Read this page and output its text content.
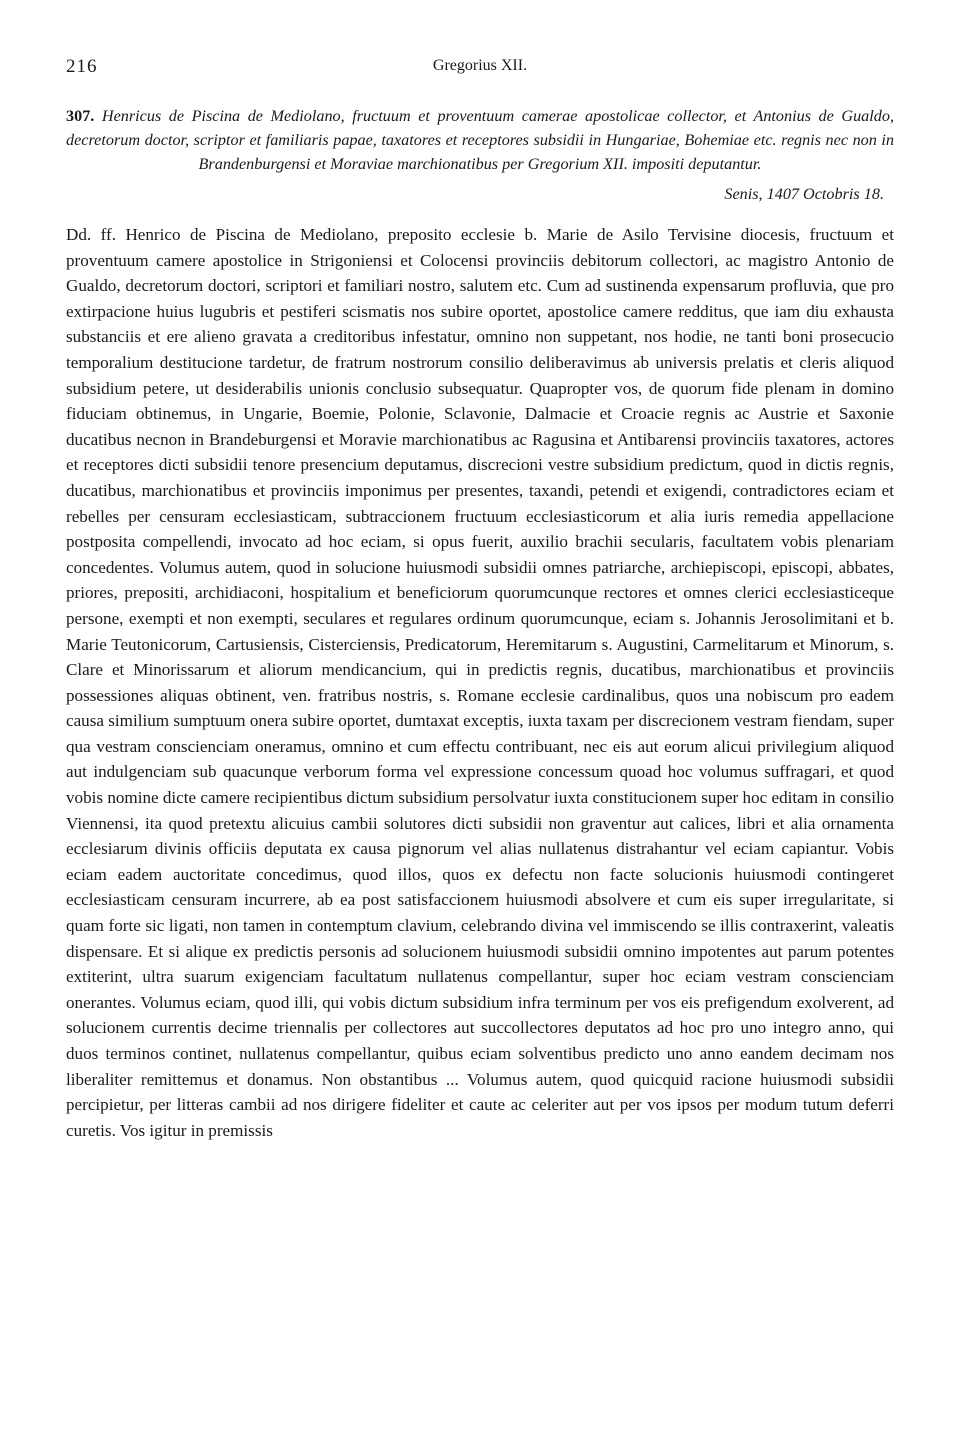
216	Gregorius XII.
307. Henricus de Piscina de Mediolano, fructuum et proventuum camerae apostolicae collector, et Antonius de Gualdo, decretorum doctor, scriptor et familiaris papae, taxatores et receptores subsidii in Hungariae, Bohemiae etc. regnis nec non in Brandenburgensi et Moraviae marchionatibus per Gregorium XII. impositi deputantur.
Senis, 1407 Octobris 18.
Dd. ff. Henrico de Piscina de Mediolano, preposito ecclesie b. Marie de Asilo Tervisine diocesis, fructuum et proventuum camere apostolice in Strigoniensi et Colocensi provinciis debitorum collectori, ac magistro Antonio de Gualdo, decretorum doctori, scriptori et familiari nostro, salutem etc. Cum ad sustinenda expensarum profluvia, que pro extirpacione huius lugubris et pestiferi scismatis nos subire oportet, apostolice camere redditus, que iam diu exhausta substanciis et ere alieno gravata a creditoribus infestatur, omnino non suppetant, nos hodie, ne tanti boni prosecucio temporalium destitucione tardetur, de fratrum nostrorum consilio deliberavimus ab universis prelatis et cleris aliquod subsidium petere, ut desiderabilis unionis conclusio subsequatur. Quapropter vos, de quorum fide plenam in domino fiduciam obtinemus, in Ungarie, Boemie, Polonie, Sclavonie, Dalmacie et Croacie regnis ac Austrie et Saxonie ducatibus necnon in Brandeburgensi et Moravie marchionatibus ac Ragusina et Antibarensi provinciis taxatores, actores et receptores dicti subsidii tenore presencium deputamus, discrecioni vestre subsidium predictum, quod in dictis regnis, ducatibus, marchionatibus et provinciis imponimus per presentes, taxandi, petendi et exigendi, contradictores eciam et rebelles per censuram ecclesiasticam, subtraccionem fructuum ecclesiasticorum et alia iuris remedia appellacione postposita compellendi, invocato ad hoc eciam, si opus fuerit, auxilio brachii secularis, facultatem vobis plenariam concedentes. Volumus autem, quod in solucione huiusmodi subsidii omnes patriarche, archiepiscopi, episcopi, abbates, priores, prepositi, archidiaconi, hospitalium et beneficiorum quorumcunque rectores et omnes clerici ecclesiasticeque persone, exempti et non exempti, seculares et regulares ordinum quorumcunque, eciam s. Johannis Jerosolimitani et b. Marie Teutonicorum, Cartusiensis, Cisterciensis, Predicatorum, Heremitarum s. Augustini, Carmelitarum et Minorum, s. Clare et Minorissarum et aliorum mendicancium, qui in predictis regnis, ducatibus, marchionatibus et provinciis possessiones aliquas obtinent, ven. fratribus nostris, s. Romane ecclesie cardinalibus, quos una nobiscum pro eadem causa similium sumptuum onera subire oportet, dumtaxat exceptis, iuxta taxam per discrecionem vestram fiendam, super qua vestram conscienciam oneramus, omnino et cum effectu contribuant, nec eis aut eorum alicui privilegium aliquod aut indulgenciam sub quacunque verborum forma vel expressione concessum quoad hoc volumus suffragari, et quod vobis nomine dicte camere recipientibus dictum subsidium persolvatur iuxta constitucionem super hoc editam in consilio Viennensi, ita quod pretextu alicuius cambii solutores dicti subsidii non graventur aut calices, libri et alia ornamenta ecclesiarum divinis officiis deputata ex causa pignorum vel alias nullatenus distrahantur vel eciam capiantur. Vobis eciam eadem auctoritate concedimus, quod illos, quos ex defectu non facte solucionis huiusmodi contingeret ecclesiasticam censuram incurrere, ab ea post satisfaccionem huiusmodi absolvere et cum eis super irregularitate, si quam forte sic ligati, non tamen in contemptum clavium, celebrando divina vel immiscendo se illis contraxerint, valeatis dispensare. Et si alique ex predictis personis ad solucionem huiusmodi subsidii omnino impotentes aut parum potentes extiterint, ultra suarum exigenciam facultatum nullatenus compellantur, super hoc eciam vestram conscienciam onerantes. Volumus eciam, quod illi, qui vobis dictum subsidium infra terminum per vos eis prefigendum exolverent, ad solucionem currentis decime triennalis per collectores aut succollectores deputatos ad hoc pro uno integro anno, qui duos terminos continet, nullatenus compellantur, quibus eciam solventibus predicto uno anno eandem decimam nos liberaliter remittemus et donamus. Non obstantibus ... Volumus autem, quod quicquid racione huiusmodi subsidii percipietur, per litteras cambii ad nos dirigere fideliter et caute ac celeriter aut per vos ipsos per modum tutum deferri curetis. Vos igitur in premissis
